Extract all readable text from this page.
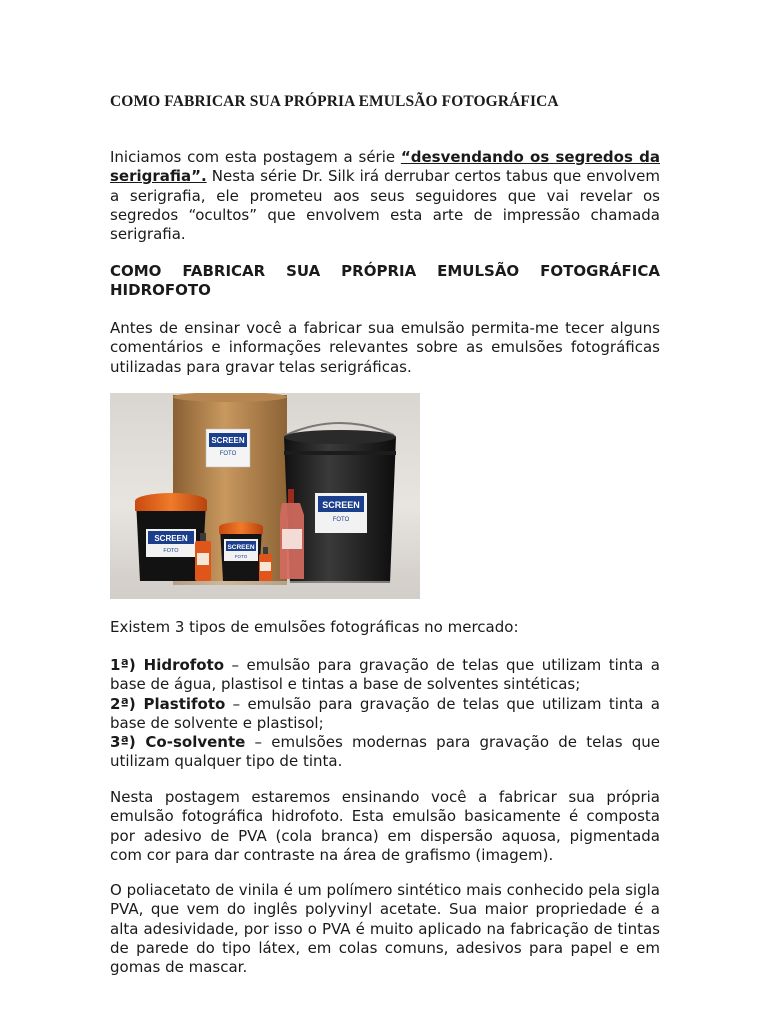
COMO FABRICAR SUA PRÓPRIA EMULSÃO FOTOGRÁFICA

Iniciamos com esta postagem a série “desvendando os segredos da serigrafia”. Nesta série Dr. Silk irá derrubar certos tabus que envolvem a serigrafia, ele prometeu aos seus seguidores que vai revelar os segredos “ocultos” que envolvem esta arte de impressão chamada serigrafia.

COMO FABRICAR SUA PRÓPRIA EMULSÃO FOTOGRÁFICA HIDROFOTO

Antes de ensinar você a fabricar sua emulsão permita-me tecer alguns comentários e informações relevantes sobre as emulsões fotográficas utilizadas para gravar telas serigráficas.

SCREEN
FOTO
SCREEN
FOTO
SCREEN
FOTO	SCREEN
FOTO

Existem 3 tipos de emulsões fotográficas no mercado:

1ª) Hidrofoto – emulsão para gravação de telas que utilizam tinta a base de água, plastisol e tintas a base de solventes sintéticas;
2ª) Plastifoto – emulsão para gravação de telas que utilizam tinta a base de solvente e plastisol;
3ª) Co-solvente – emulsões modernas para gravação de telas que utilizam qualquer tipo de tinta.

Nesta postagem estaremos ensinando você a fabricar sua própria emulsão fotográfica hidrofoto. Esta emulsão basicamente é composta por adesivo de PVA (cola branca) em dispersão aquosa, pigmentada com cor para dar contraste na área de grafismo (imagem).

O poliacetato de vinila é um polímero sintético mais conhecido pela sigla PVA, que vem do inglês polyvinyl acetate. Sua maior propriedade é a alta adesividade, por isso o PVA é muito aplicado na fabricação de tintas de parede do tipo látex, em colas comuns, adesivos para papel e em gomas de mascar.
